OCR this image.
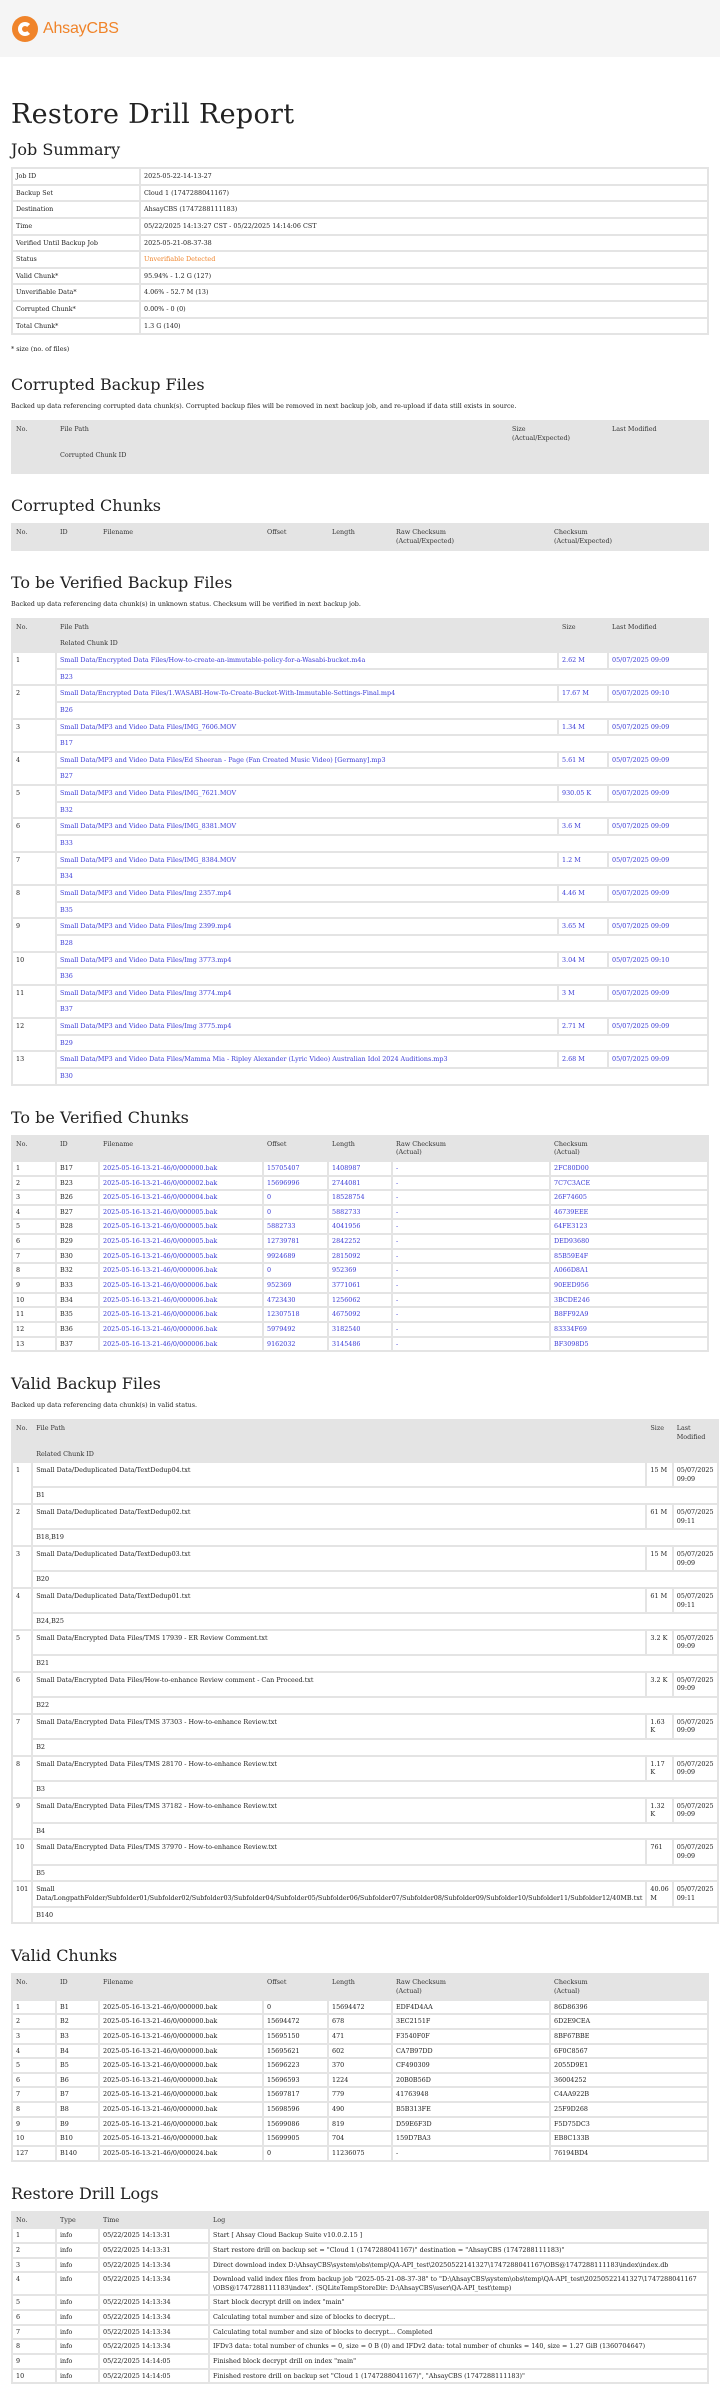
AhsayCBS
Restore Drill Report
Job Summary
Job ID	2025-05-22-14-13-27
Backup Set	Cloud 1 (1747288041167)
Destination	AhsayCBS (1747288111183)
Time	05/22/2025 14:13:27 CST - 05/22/2025 14:14:06 CST
Verified Until Backup Job	2025-05-21-08-37-38
Status	Unverifiable Detected
Valid Chunk*	95.94% - 1.2 G (127)
Unverifiable Data*	4.06% - 52.7 M (13)
Corrupted Chunk*	0.00% - 0 (0)
Total Chunk*	1.3 G (140)

* size (no. of files)

Corrupted Backup Files

Backed up data referencing corrupted data chunk(s). Corrupted backup files will be removed in next backup job, and re-upload if data still exists in source.

No.	File Path	Size
(Actual/Expected)	Last Modified
Corrupted Chunk ID
Corrupted Chunks
No.	ID	Filename	Offset	Length	Raw Checksum
(Actual/Expected)	Checksum
(Actual/Expected)
To be Verified Backup Files

Backed up data referencing data chunk(s) in unknown status. Checksum will be verified in next backup job.

No.	File Path	Size	Last Modified
	Related Chunk ID		
1	Small Data/Encrypted Data Files/How-to-create-an-immutable-policy-for-a-Wasabi-bucket.m4a	2.62 M	05/07/2025 09:09
	B23		
2	Small Data/Encrypted Data Files/1.WASABI-How-To-Create-Bucket-With-Immutable-Settings-Final.mp4	17.67 M	05/07/2025 09:10
	B26		
3	Small Data/MP3 and Video Data Files/IMG_7606.MOV	1.34 M	05/07/2025 09:09
	B17		
4	Small Data/MP3 and Video Data Files/Ed Sheeran - Page (Fan Created Music Video) [Germany].mp3	5.61 M	05/07/2025 09:09
	B27		
5	Small Data/MP3 and Video Data Files/IMG_7621.MOV	930.05 K	05/07/2025 09:09
	B32		
6	Small Data/MP3 and Video Data Files/IMG_8381.MOV	3.6 M	05/07/2025 09:09
	B33		
7	Small Data/MP3 and Video Data Files/IMG_8384.MOV	1.2 M	05/07/2025 09:09
	B34		
8	Small Data/MP3 and Video Data Files/Img 2357.mp4	4.46 M	05/07/2025 09:09
	B35		
9	Small Data/MP3 and Video Data Files/Img 2399.mp4	3.65 M	05/07/2025 09:09
	B28		
10	Small Data/MP3 and Video Data Files/Img 3773.mp4	3.04 M	05/07/2025 09:10
	B36		
11	Small Data/MP3 and Video Data Files/Img 3774.mp4	3 M	05/07/2025 09:09
	B37		
12	Small Data/MP3 and Video Data Files/Img 3775.mp4	2.71 M	05/07/2025 09:09
	B29		
13	Small Data/MP3 and Video Data Files/Mamma Mia - Ripley Alexander (Lyric Video) Australian Idol 2024 Auditions.mp3	2.68 M	05/07/2025 09:09
	B30		
To be Verified Chunks
No.	ID	Filename	Offset	Length	Raw Checksum
(Actual)	Checksum
(Actual)
1	B17	2025-05-16-13-21-46/0/000000.bak	15705407	1408987	-	2FC80D00
2	B23	2025-05-16-13-21-46/0/000002.bak	15696996	2744081	-	7C7C3ACE
3	B26	2025-05-16-13-21-46/0/000004.bak	0	18528754	-	26F74605
4	B27	2025-05-16-13-21-46/0/000005.bak	0	5882733	-	46739EEE
5	B28	2025-05-16-13-21-46/0/000005.bak	5882733	4041956	-	64FE3123
6	B29	2025-05-16-13-21-46/0/000005.bak	12739781	2842252	-	DED93680
7	B30	2025-05-16-13-21-46/0/000005.bak	9924689	2815092	-	85B59E4F
8	B32	2025-05-16-13-21-46/0/000006.bak	0	952369	-	A066D8A1
9	B33	2025-05-16-13-21-46/0/000006.bak	952369	3771061	-	90EED956
10	B34	2025-05-16-13-21-46/0/000006.bak	4723430	1256062	-	3BCDE246
11	B35	2025-05-16-13-21-46/0/000006.bak	12307518	4675092	-	B8FF92A9
12	B36	2025-05-16-13-21-46/0/000006.bak	5979492	3182540	-	83334F69
13	B37	2025-05-16-13-21-46/0/000006.bak	9162032	3145486	-	BF3098D5
Valid Backup Files

Backed up data referencing data chunk(s) in valid status.

No.	File Path	Size	Last Modified
	Related Chunk ID		
1	Small Data/Deduplicated Data/TextDedup04.txt	15 M	05/07/2025 09:09
	B1		
2	Small Data/Deduplicated Data/TextDedup02.txt	61 M	05/07/2025 09:11
	B18,B19		
3	Small Data/Deduplicated Data/TextDedup03.txt	15 M	05/07/2025 09:09
	B20		
4	Small Data/Deduplicated Data/TextDedup01.txt	61 M	05/07/2025 09:11
	B24,B25		
5	Small Data/Encrypted Data Files/TMS 17939 - ER Review Comment.txt	3.2 K	05/07/2025 09:09
	B21		
6	Small Data/Encrypted Data Files/How-to-enhance Review comment - Can Proceed.txt	3.2 K	05/07/2025 09:09
	B22		
7	Small Data/Encrypted Data Files/TMS 37303 - How-to-enhance Review.txt	1.63 K	05/07/2025 09:09
	B2		
8	Small Data/Encrypted Data Files/TMS 28170 - How-to-enhance Review.txt	1.17 K	05/07/2025 09:09
	B3		
9	Small Data/Encrypted Data Files/TMS 37182 - How-to-enhance Review.txt	1.32 K	05/07/2025 09:09
	B4		
10	Small Data/Encrypted Data Files/TMS 37970 - How-to-enhance Review.txt	761	05/07/2025 09:09
	B5		
101	Small Data/LongpathFolder/Subfolder01/Subfolder02/Subfolder03/Subfolder04/Subfolder05/Subfolder06/Subfolder07/Subfolder08/Subfolder09/Subfolder10/Subfolder11/Subfolder12/40MB.txt	40.06 M	05/07/2025 09:11
	B140		
Valid Chunks
No.	ID	Filename	Offset	Length	Raw Checksum
(Actual)	Checksum
(Actual)
1	B1	2025-05-16-13-21-46/0/000000.bak	0	15694472	EDF4D4AA	86D86396
2	B2	2025-05-16-13-21-46/0/000000.bak	15694472	678	3EC2151F	6D2E9CEA
3	B3	2025-05-16-13-21-46/0/000000.bak	15695150	471	F3540F0F	8BF67BBE
4	B4	2025-05-16-13-21-46/0/000000.bak	15695621	602	CA7B97DD	6F0C8567
5	B5	2025-05-16-13-21-46/0/000000.bak	15696223	370	CF490309	2055D9E1
6	B6	2025-05-16-13-21-46/0/000000.bak	15696593	1224	20B0B56D	36004252
7	B7	2025-05-16-13-21-46/0/000000.bak	15697817	779	41763948	C4AA922B
8	B8	2025-05-16-13-21-46/0/000000.bak	15698596	490	B5B313FE	25F9D268
9	B9	2025-05-16-13-21-46/0/000000.bak	15699086	819	D59E6F3D	F5D75DC3
10	B10	2025-05-16-13-21-46/0/000000.bak	15699905	704	159D7BA3	EB8C133B
127	B140	2025-05-16-13-21-46/0/000024.bak	0	11236075	-	76194BD4
Restore Drill Logs
No.	Type	Time	Log
1	info	05/22/2025 14:13:31	Start [ Ahsay Cloud Backup Suite v10.0.2.15 ]
2	info	05/22/2025 14:13:31	Start restore drill on backup set = "Cloud 1 (1747288041167)" destination = "AhsayCBS (1747288111183)"
3	info	05/22/2025 14:13:34	Direct download index D:\AhsayCBS\system\obs\temp\QA-API_test\20250522141327\1747288041167\OBS@1747288111183\index\index.db
4	info	05/22/2025 14:13:34	Download valid index files from backup job "2025-05-21-08-37-38" to "D:\AhsayCBS\system\obs\temp\QA-API_test\20250522141327\1747288041167\OBS@1747288111183\index". (SQLiteTempStoreDir: D:\AhsayCBS\user\QA-API_test\temp)
5	info	05/22/2025 14:13:34	Start block decrypt drill on index "main"
6	info	05/22/2025 14:13:34	Calculating total number and size of blocks to decrypt...
7	info	05/22/2025 14:13:34	Calculating total number and size of blocks to decrypt... Completed
8	info	05/22/2025 14:13:34	IFDv3 data: total number of chunks = 0, size = 0 B (0) and IFDv2 data: total number of chunks = 140, size = 1.27 GiB (1360704647)
9	info	05/22/2025 14:14:05	Finished block decrypt drill on index "main"
10	info	05/22/2025 14:14:05	Finished restore drill on backup set "Cloud 1 (1747288041167)", "AhsayCBS (1747288111183)"
